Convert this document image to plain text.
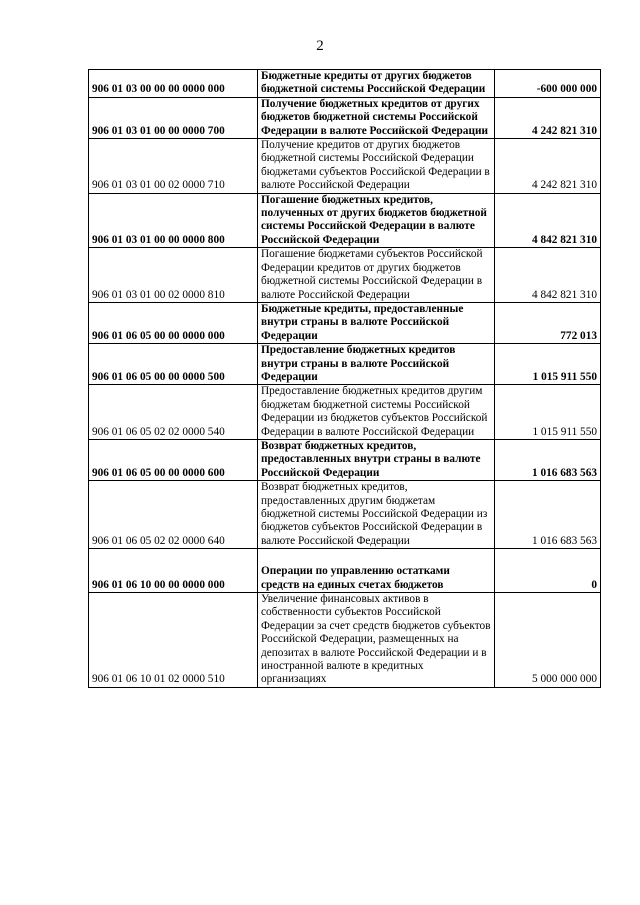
2
906 01 03 00 00 00 0000 000	Бюджетные кредиты от других бюджетов бюджетной системы Российской Федерации	-600 000 000
906 01 03 01 00 00 0000 700	Получение бюджетных кредитов от других бюджетов бюджетной системы Российской Федерации в валюте Российской Федерации	4 242 821 310
906 01 03 01 00 02 0000 710	Получение кредитов от других бюджетов бюджетной системы Российской Федерации бюджетами субъектов Российской Федерации в валюте Российской Федерации	4 242 821 310
906 01 03 01 00 00 0000 800	Погашение бюджетных кредитов, полученных от других бюджетов бюджетной системы Российской Федерации в валюте Российской Федерации	4 842 821 310
906 01 03 01 00 02 0000 810	Погашение бюджетами субъектов Российской Федерации кредитов от других бюджетов бюджетной системы Российской Федерации в валюте Российской Федерации	4 842 821 310
906 01 06 05 00 00 0000 000	Бюджетные кредиты, предоставленные внутри страны в валюте Российской Федерации	772 013
906 01 06 05 00 00 0000 500	Предоставление бюджетных кредитов внутри страны в валюте Российской Федерации	1 015 911 550
906 01 06 05 02 02 0000 540	Предоставление бюджетных кредитов другим бюджетам бюджетной системы Российской Федерации из бюджетов субъектов Российской Федерации в валюте Российской Федерации	1 015 911 550
906 01 06 05 00 00 0000 600	Возврат бюджетных кредитов, предоставленных внутри страны в валюте Российской Федерации	1 016 683 563
906 01 06 05 02 02 0000 640	Возврат бюджетных кредитов, предоставленных другим бюджетам бюджетной системы Российской Федерации из бюджетов субъектов Российской Федерации в валюте Российской Федерации	1 016 683 563
906 01 06 10 00 00 0000 000	Операции по управлению остатками средств на единых счетах бюджетов	0
906 01 06 10 01 02 0000 510	Увеличение финансовых активов в собственности субъектов Российской Федерации за счет средств бюджетов субъектов Российской Федерации, размещенных на депозитах в валюте Российской Федерации и в иностранной валюте в кредитных организациях	5 000 000 000
